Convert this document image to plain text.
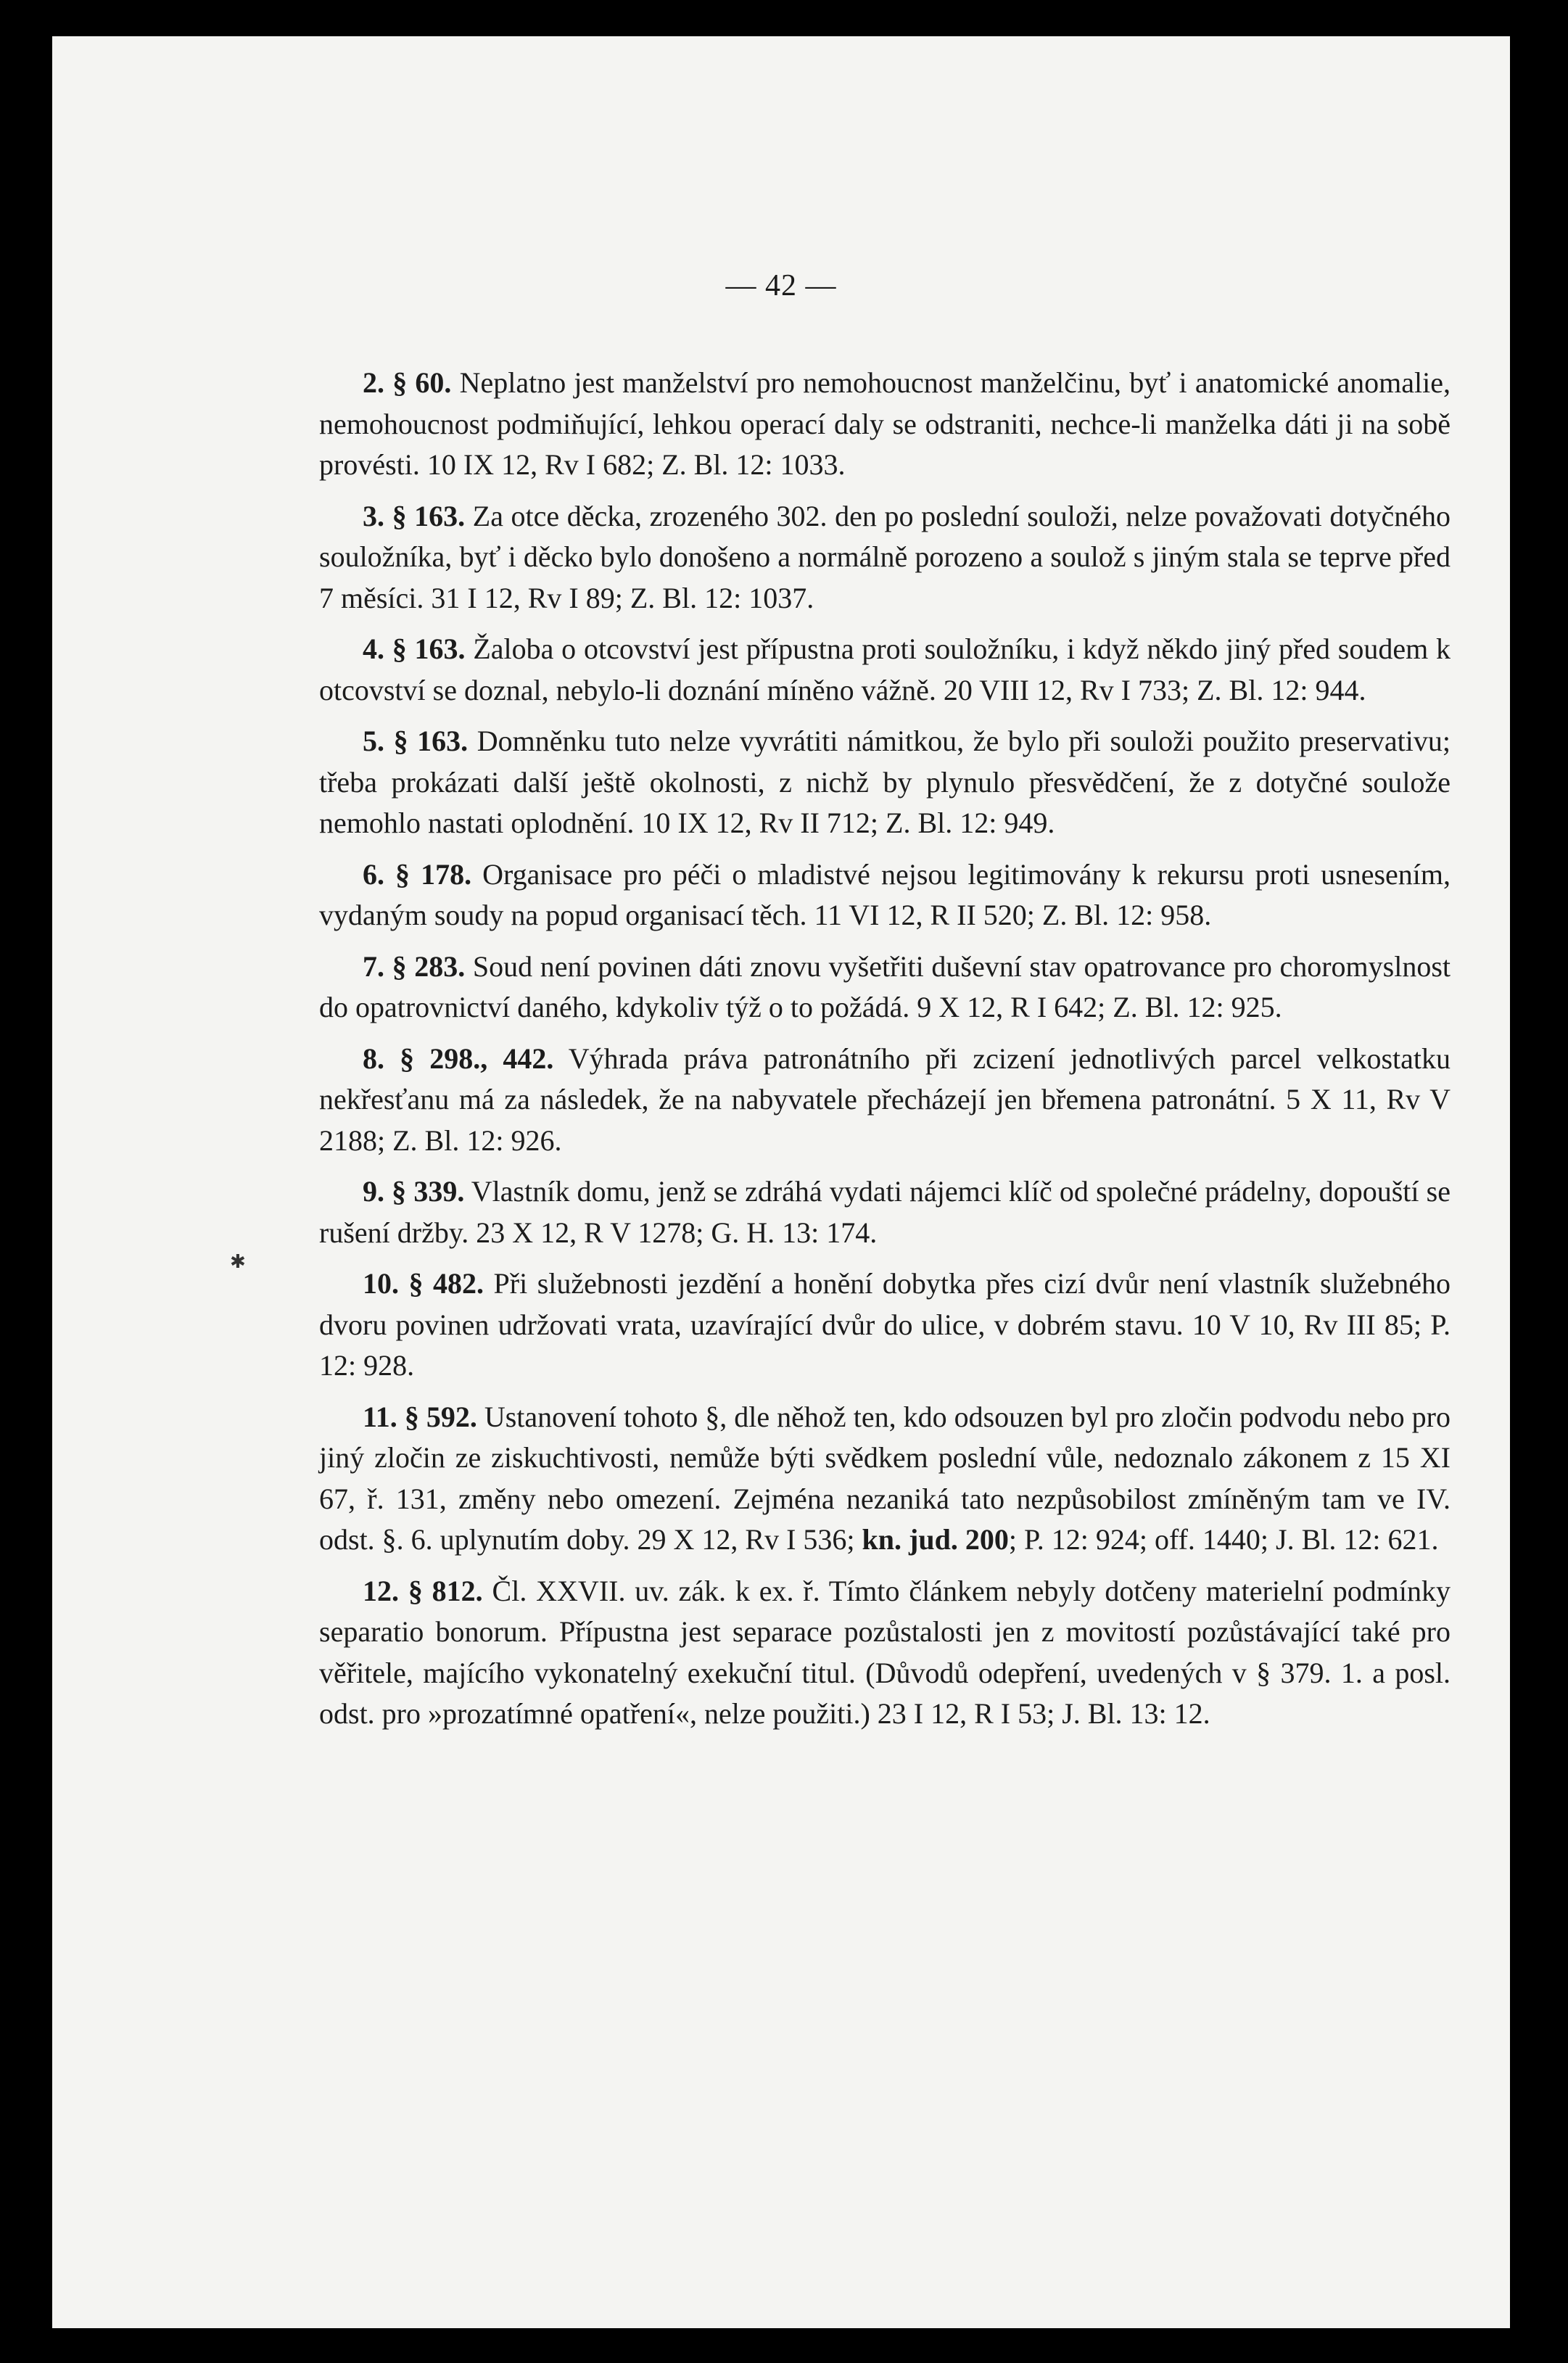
— 42 —
✱

2. § 60. Neplatno jest manželství pro nemohoucnost manželčinu, byť i anatomické anomalie, nemohoucnost podmiňující, lehkou operací daly se odstraniti, nechce-li manželka dáti ji na sobě provésti. 10 IX 12, Rv I 682; Z. Bl. 12: 1033.

3. § 163. Za otce děcka, zrozeného 302. den po poslední souloži, nelze považovati dotyčného souložníka, byť i děcko bylo donošeno a normálně porozeno a soulož s jiným stala se teprve před 7 měsíci. 31 I 12, Rv I 89; Z. Bl. 12: 1037.

4. § 163. Žaloba o otcovství jest přípustna proti souložníku, i když někdo jiný před soudem k otcovství se doznal, nebylo-li doznání míněno vážně. 20 VIII 12, Rv I 733; Z. Bl. 12: 944.

5. § 163. Domněnku tuto nelze vyvrátiti námitkou, že bylo při souloži použito preservativu; třeba prokázati další ještě okolnosti, z nichž by plynulo přesvědčení, že z dotyčné soulože nemohlo nastati oplodnění. 10 IX 12, Rv II 712; Z. Bl. 12: 949.

6. § 178. Organisace pro péči o mladistvé nejsou legitimovány k rekursu proti usnesením, vydaným soudy na popud organisací těch. 11 VI 12, R II 520; Z. Bl. 12: 958.

7. § 283. Soud není povinen dáti znovu vyšetřiti duševní stav opatrovance pro choromyslnost do opatrovnictví daného, kdykoliv týž o to požádá. 9 X 12, R I 642; Z. Bl. 12: 925.

8. § 298., 442. Výhrada práva patronátního při zcizení jednotlivých parcel velkostatku nekřesťanu má za následek, že na nabyvatele přecházejí jen břemena patronátní. 5 X 11, Rv V 2188; Z. Bl. 12: 926.

9. § 339. Vlastník domu, jenž se zdráhá vydati nájemci klíč od společné prádelny, dopouští se rušení držby. 23 X 12, R V 1278; G. H. 13: 174.

10. § 482. Při služebnosti jezdění a honění dobytka přes cizí dvůr není vlastník služebného dvoru povinen udržovati vrata, uzavírající dvůr do ulice, v dobrém stavu. 10 V 10, Rv III 85; P. 12: 928.

11. § 592. Ustanovení tohoto §, dle něhož ten, kdo odsouzen byl pro zločin podvodu nebo pro jiný zločin ze ziskuchtivosti, nemůže býti svědkem poslední vůle, nedoznalo zákonem z 15 XI 67, ř. 131, změny nebo omezení. Zejména nezaniká tato nezpůsobilost zmíněným tam ve IV. odst. §. 6. uplynutím doby. 29 X 12, Rv I 536; kn. jud. 200; P. 12: 924; off. 1440; J. Bl. 12: 621.

12. § 812. Čl. XXVII. uv. zák. k ex. ř. Tímto článkem nebyly dotčeny materielní podmínky separatio bonorum. Přípustna jest separace pozůstalosti jen z movitostí pozůstávající také pro věřitele, majícího vykonatelný exekuční titul. (Důvodů odepření, uvedených v § 379. 1. a posl. odst. pro »prozatímné opatření«, nelze použiti.) 23 I 12, R I 53; J. Bl. 13: 12.
